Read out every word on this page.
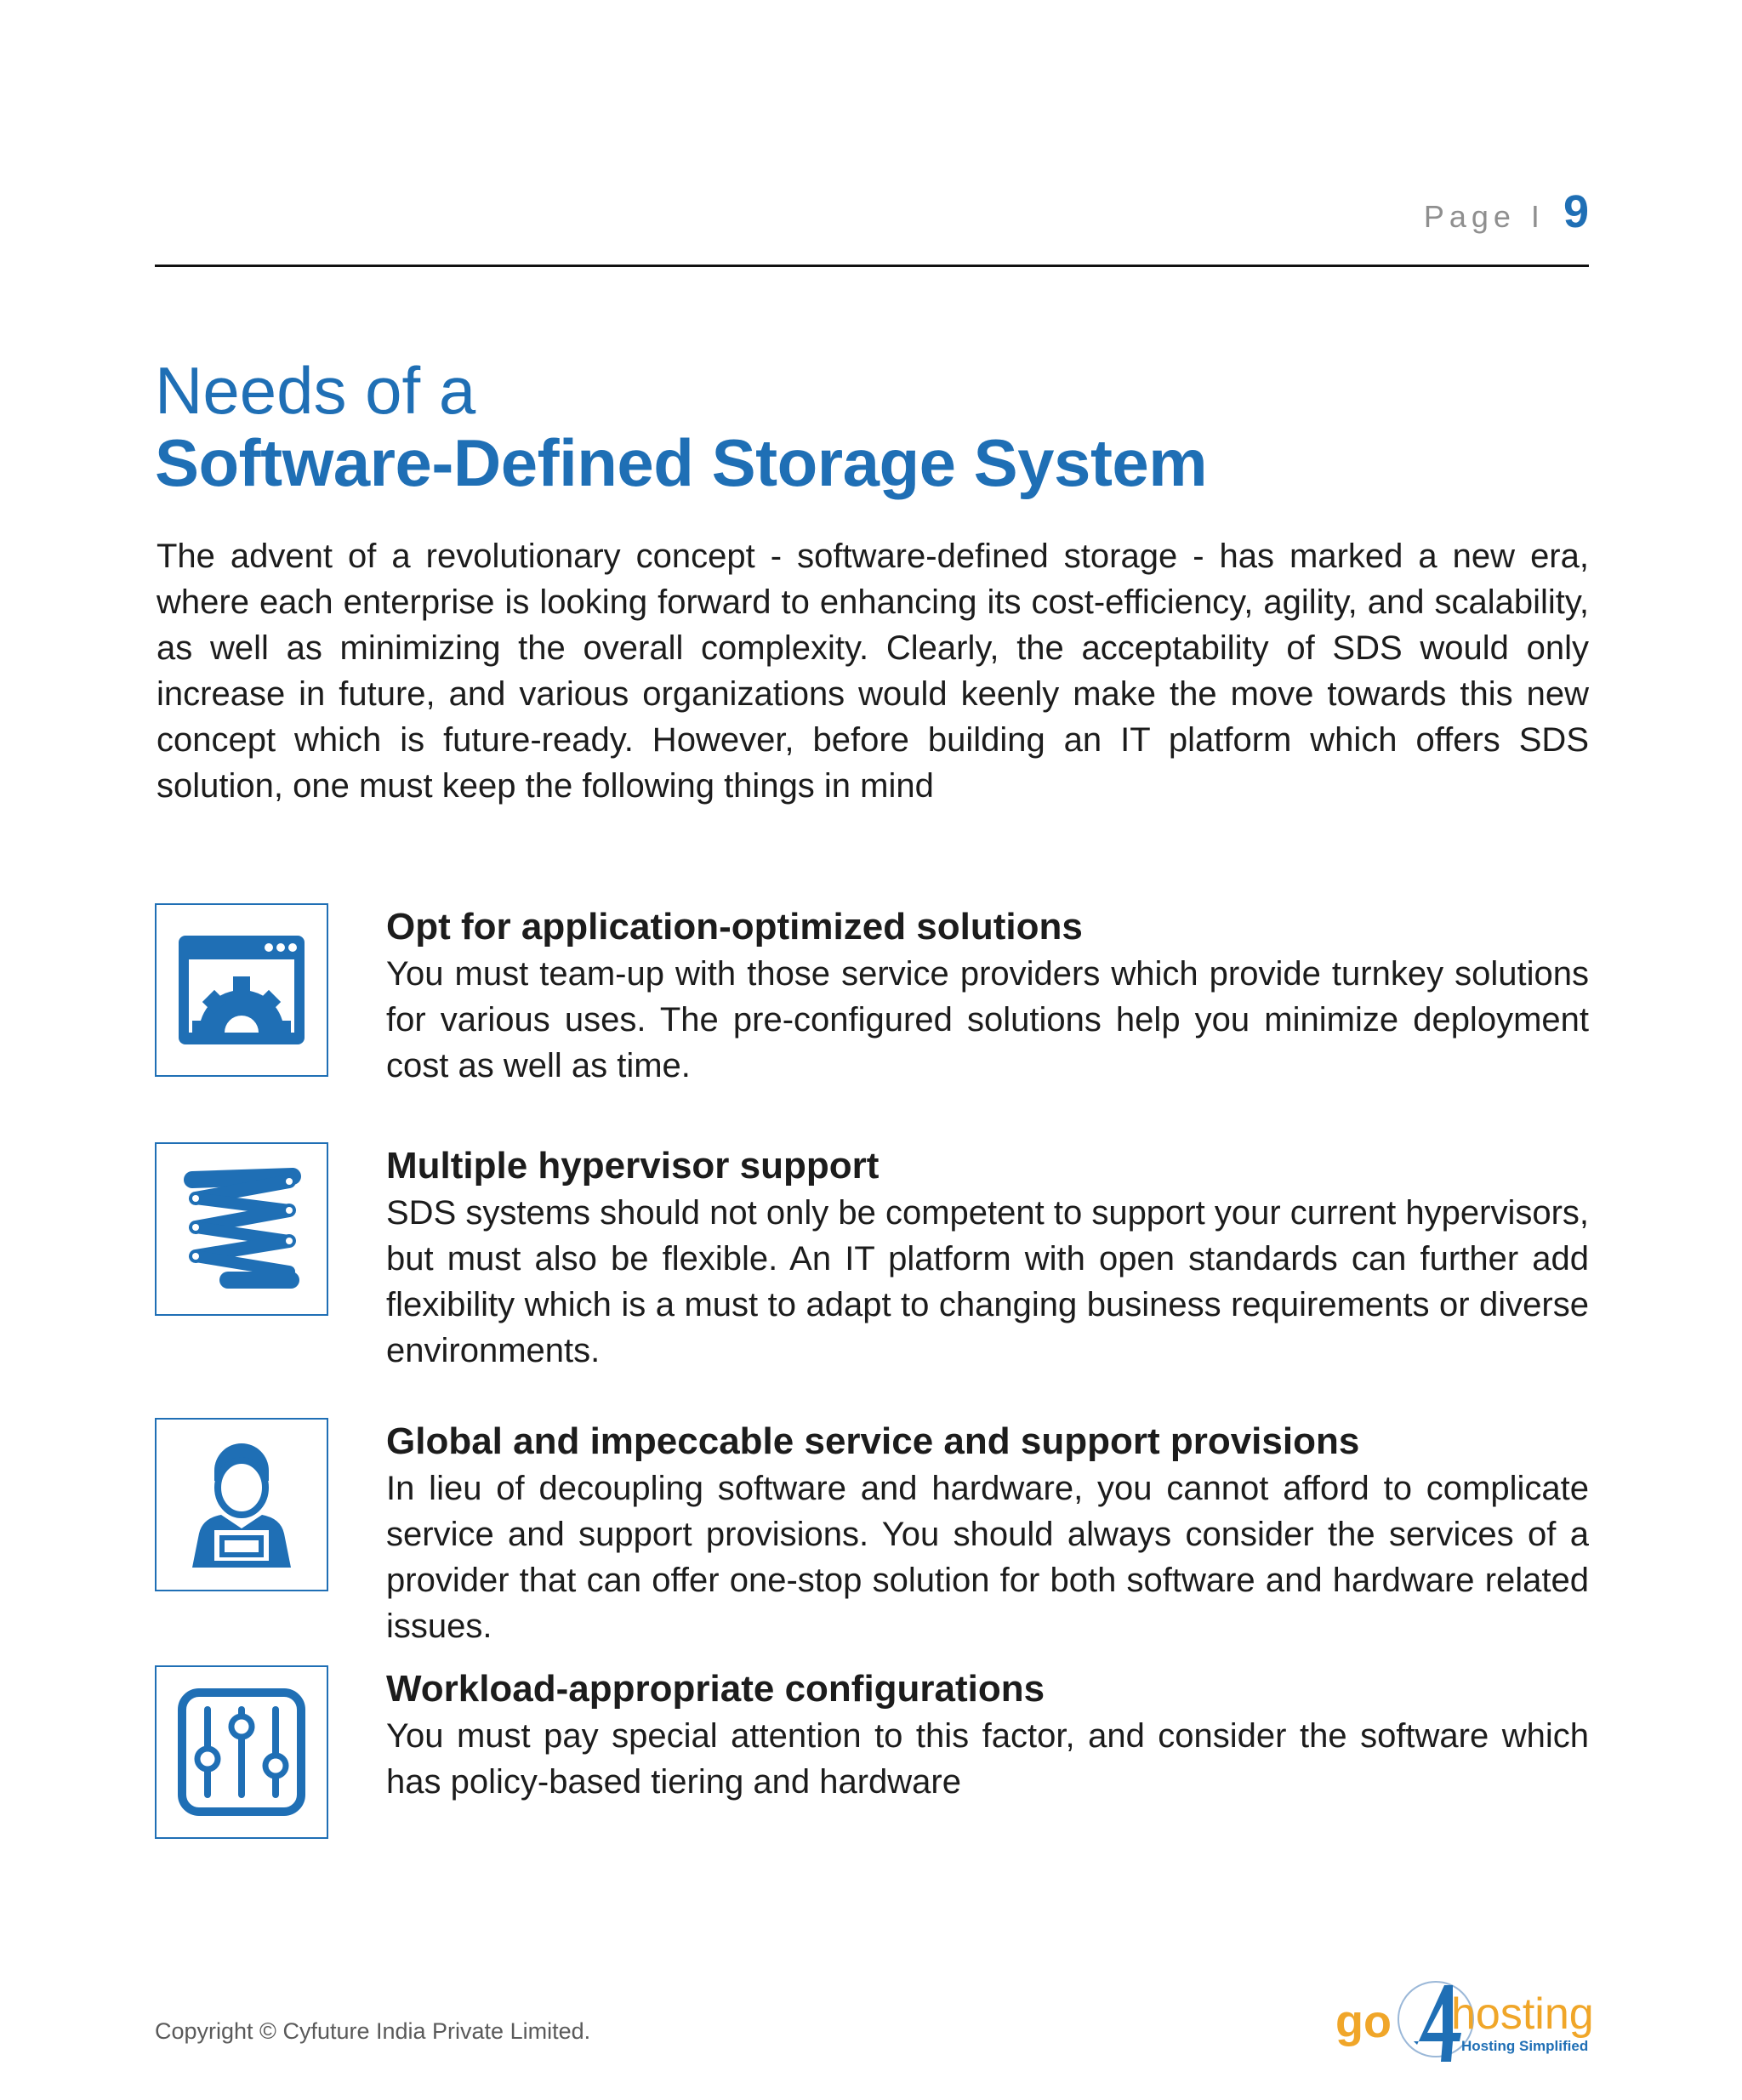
Page I 9
Needs of a
Software-Defined Storage System

The advent of a revolutionary concept - software-defined storage - has marked a new era, where each enterprise is looking forward to enhancing its cost-efficiency, agility, and scalability, as well as minimizing the overall complexity. Clearly, the acceptability of SDS would only increase in future, and various organizations would keenly make the move towards this new concept which is future-ready. However, before building an IT platform which offers SDS solution, one must keep the following things in mind

Opt for application-optimized solutions

You must team-up with those service providers which provide turnkey solutions for various uses. The pre-configured solutions help you minimize deployment cost as well as time.

Multiple hypervisor support

SDS systems should not only be competent to support your current hypervisors, but must also be flexible. An IT platform with open standards can further add flexibility which is a must to adapt to changing business requirements or diverse environments.

Global and impeccable service and support provisions

In lieu of decoupling software and hardware, you cannot afford to complicate service and support provisions. You should always consider the services of a provider that can offer one-stop solution for both software and hardware related issues.

Workload-appropriate configurations

You must pay special attention to this factor, and consider the software which has policy-based tiering and hardware

Copyright © Cyfuture India Private Limited.	go hosting
Hosting Simplified
